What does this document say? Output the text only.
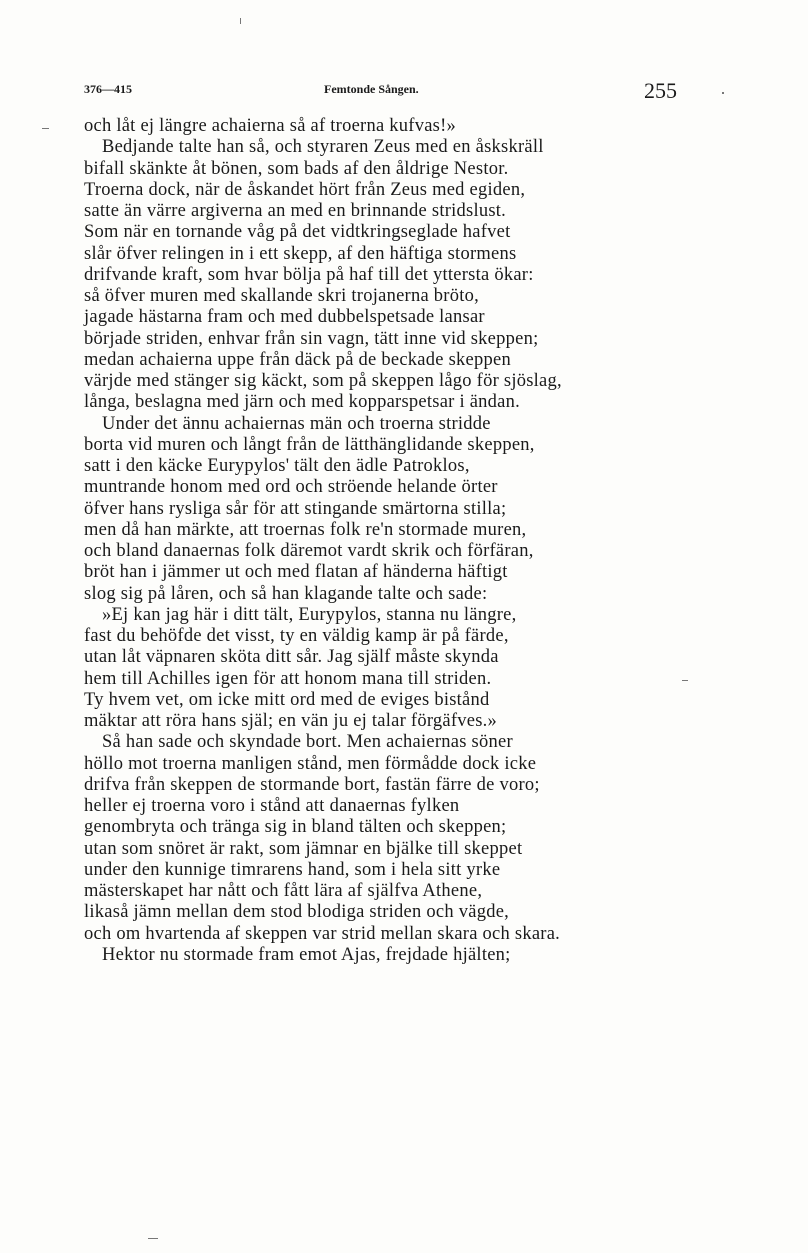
376—415	Femtonde Sången.	255
och låt ej längre achaierna så af troerna kufvas!»
Bedjande talte han så, och styraren Zeus med en åskskräll
bifall skänkte åt bönen, som bads af den åldrige Nestor.
Troerna dock, när de åskandet hört från Zeus med egiden,
satte än värre argiverna an med en brinnande stridslust.
Som när en tornande våg på det vidtkringseglade hafvet
slår öfver relingen in i ett skepp, af den häftiga stormens
drifvande kraft, som hvar bölja på haf till det yttersta ökar:
så öfver muren med skallande skri trojanerna bröto,
jagade hästarna fram och med dubbelspetsade lansar
började striden, enhvar från sin vagn, tätt inne vid skeppen;
medan achaierna uppe från däck på de beckade skeppen
värjde med stänger sig käckt, som på skeppen lågo för sjöslag,
långa, beslagna med järn och med kopparspetsar i ändan.
Under det ännu achaiernas män och troerna stridde
borta vid muren och långt från de lätthänglidande skeppen,
satt i den käcke Eurypylos' tält den ädle Patroklos,
muntrande honom med ord och ströende helande örter
öfver hans rysliga sår för att stingande smärtorna stilla;
men då han märkte, att troernas folk re'n stormade muren,
och bland danaernas folk däremot vardt skrik och förfäran,
bröt han i jämmer ut och med flatan af händerna häftigt
slog sig på låren, och så han klagande talte och sade:
»Ej kan jag här i ditt tält, Eurypylos, stanna nu längre,
fast du behöfde det visst, ty en väldig kamp är på färde,
utan låt väpnaren sköta ditt sår. Jag själf måste skynda
hem till Achilles igen för att honom mana till striden.
Ty hvem vet, om icke mitt ord med de eviges bistånd
mäktar att röra hans själ; en vän ju ej talar förgäfves.»
Så han sade och skyndade bort. Men achaiernas söner
höllo mot troerna manligen stånd, men förmådde dock icke
drifva från skeppen de stormande bort, fastän färre de voro;
heller ej troerna voro i stånd att danaernas fylken
genombryta och tränga sig in bland tälten och skeppen;
utan som snöret är rakt, som jämnar en bjälke till skeppet
under den kunnige timrarens hand, som i hela sitt yrke
mästerskapet har nått och fått lära af själfva Athene,
likaså jämn mellan dem stod blodiga striden och vägde,
och om hvartenda af skeppen var strid mellan skara och skara.
Hektor nu stormade fram emot Ajas, frejdade hjälten;
